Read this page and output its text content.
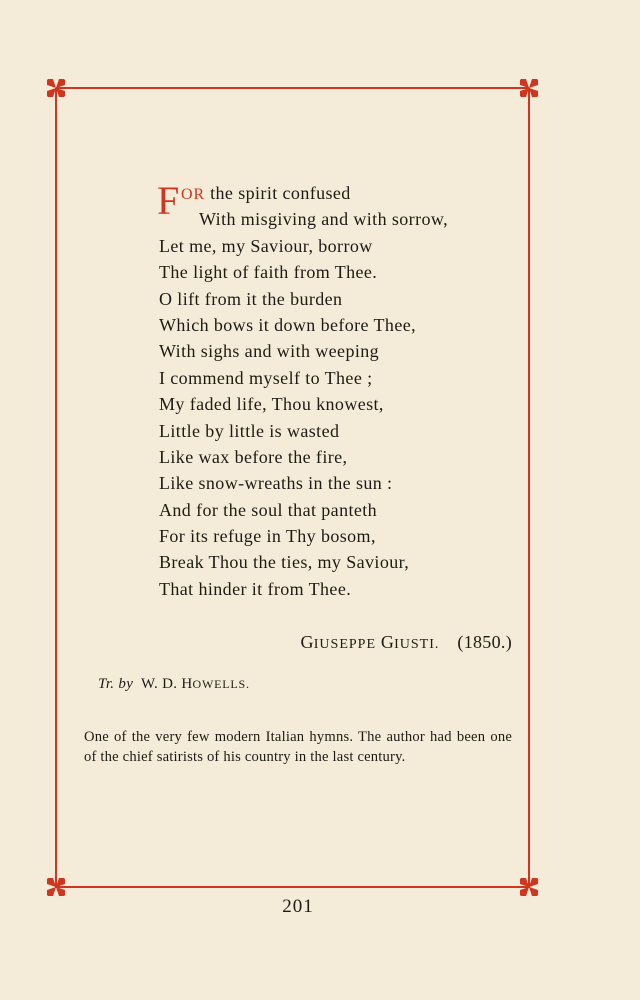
F OR the spirit confused
With misgiving and with sorrow,
Let me, my Saviour, borrow
The light of faith from Thee.
O lift from it the burden
Which bows it down before Thee,
With sighs and with weeping
I commend myself to Thee ;
My faded life, Thou knowest,
Little by little is wasted
Like wax before the fire,
Like snow-wreaths in the sun :
And for the soul that panteth
For its refuge in Thy bosom,
Break Thou the ties, my Saviour,
That hinder it from Thee.
GIUSEPPE GIUSTI. (1850.)
Tr. by W. D. HOWELLS.
One of the very few modern Italian hymns. The author had been one of the chief satirists of his country in the last century.
201
